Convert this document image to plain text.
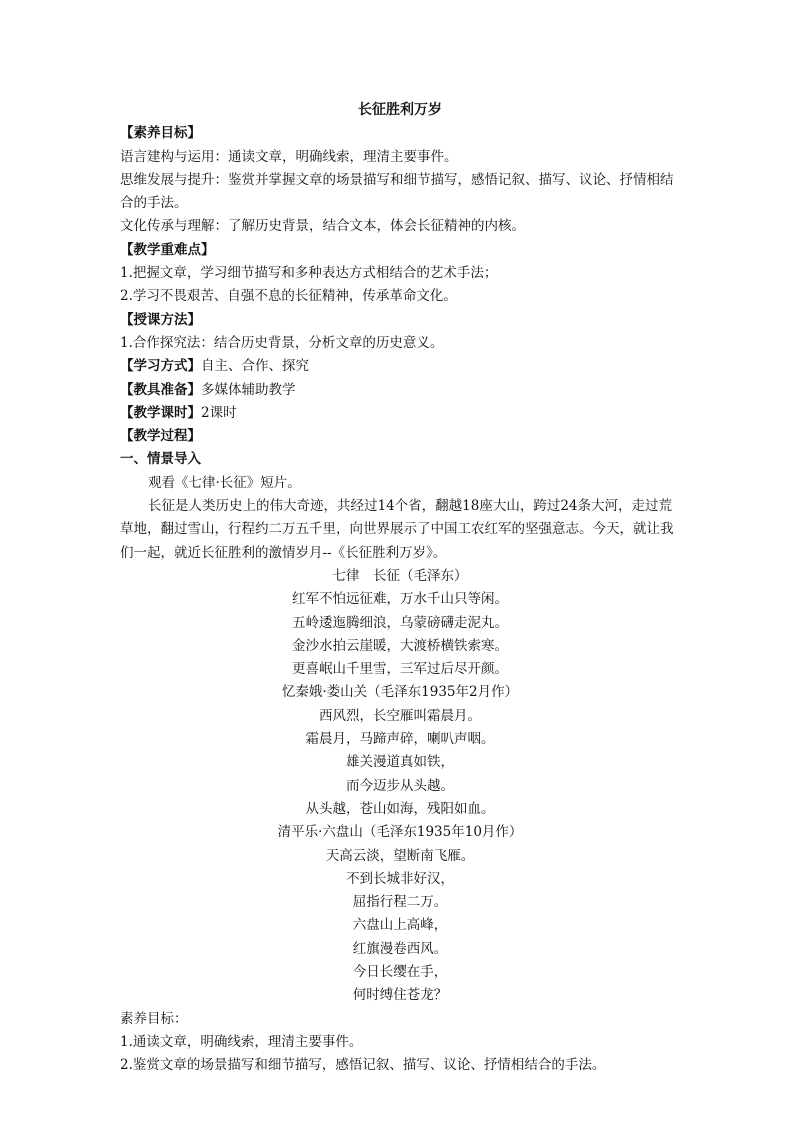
长征胜利万岁

【素养目标】

语言建构与运用：通读文章，明确线索，理清主要事件。

思维发展与提升：鉴赏并掌握文章的场景描写和细节描写，感悟记叙、描写、议论、抒情相结合的手法。

文化传承与理解：了解历史背景，结合文本，体会长征精神的内核。

【教学重难点】

1.把握文章，学习细节描写和多种表达方式相结合的艺术手法；

2.学习不畏艰苦、自强不息的长征精神，传承革命文化。

【授课方法】

1.合作探究法：结合历史背景，分析文章的历史意义。

【学习方式】自主、合作、探究

【教具准备】多媒体辅助教学

【教学课时】2课时

【教学过程】

一、情景导入

观看《七律·长征》短片。

长征是人类历史上的伟大奇迹，共经过14个省，翻越18座大山，跨过24条大河，走过荒草地，翻过雪山，行程约二万五千里，向世界展示了中国工农红军的坚强意志。今天，就让我们一起，就近长征胜利的激情岁月--《长征胜利万岁》。

七律　长征（毛泽东）

红军不怕远征难，万水千山只等闲。

五岭逶迤腾细浪，乌蒙磅礴走泥丸。

金沙水拍云崖暖，大渡桥横铁索寒。

更喜岷山千里雪，三军过后尽开颜。

忆秦娥·娄山关（毛泽东1935年2月作）

西风烈，长空雁叫霜晨月。

霜晨月，马蹄声碎，喇叭声咽。

雄关漫道真如铁，

而今迈步从头越。

从头越，苍山如海，残阳如血。

清平乐·六盘山（毛泽东1935年10月作）

天高云淡，望断南飞雁。

不到长城非好汉，

屈指行程二万。

六盘山上高峰，

红旗漫卷西风。

今日长缨在手，

何时缚住苍龙？

素养目标：

1.通读文章，明确线索，理清主要事件。

2.鉴赏文章的场景描写和细节描写，感悟记叙、描写、议论、抒情相结合的手法。
